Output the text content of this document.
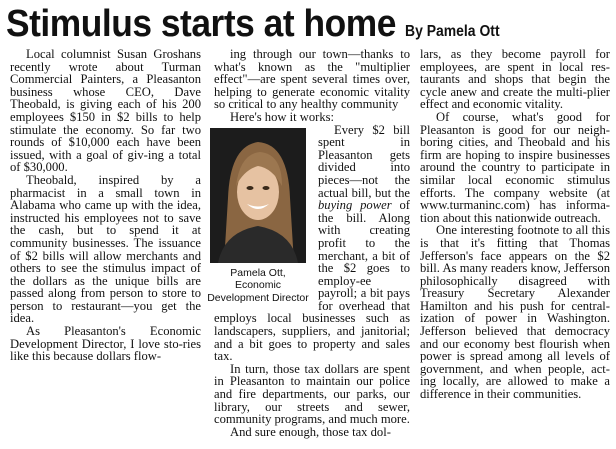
Stimulus starts at home By Pamela Ott

Local columnist Susan Groshans recently wrote about Turman Commercial Painters, a Pleasanton business whose CEO, Dave Theobald, is giving each of his 200 employees $150 in $2 bills to help stimulate the economy. So far two rounds of $10,000 each have been issued, with a goal of giv-ing a total of $30,000.

Theobald, inspired by a pharmacist in a small town in Alabama who came up with the idea, instructed his employees not to save the cash, but to spend it at community businesses. The issuance of $2 bills will allow merchants and others to see the stimulus impact of the dollars as the unique bills are passed along from person to store to person to restaurant—you get the idea.

As Pleasanton's Economic Development Director, I love sto-ries like this because dollars flow-

ing through our town—thanks to what's known as the "multiplier effect"—are spent several times over, helping to generate economic vitality so critical to any healthy community

Here's how it works:

Pamela Ott,
Economic
Development Director

Every $2 bill spent in Pleasanton gets divided into pieces—not the actual bill, but the buying power of the bill. Along with creating profit to the merchant, a bit of the $2 goes to employ-ee payroll; a bit pays for overhead that employs local businesses such as landscapers, suppliers, and janitorial; and a bit goes to property and sales tax.

In turn, those tax dollars are spent in Pleasanton to maintain our police and fire departments, our parks, our library, our streets and sewer, community programs, and much more.

And sure enough, those tax dol-

lars, as they become payroll for employees, are spent in local res-taurants and shops that begin the cycle anew and create the multi-plier effect and economic vitality.

Of course, what's good for Pleasanton is good for our neigh-boring cities, and Theobald and his firm are hoping to inspire businesses around the country to participate in similar local economic stimulus efforts. The company website (at www.turmaninc.com) has informa-tion about this nationwide outreach.

One interesting footnote to all this is that it's fitting that Thomas Jefferson's face appears on the $2 bill. As many readers know, Jefferson philosophically disagreed with Treasury Secretary Alexander Hamilton and his push for central-ization of power in Washington. Jefferson believed that democracy and our economy best flourish when power is spread among all levels of government, and when people, act-ing locally, are allowed to make a difference in their communities.
